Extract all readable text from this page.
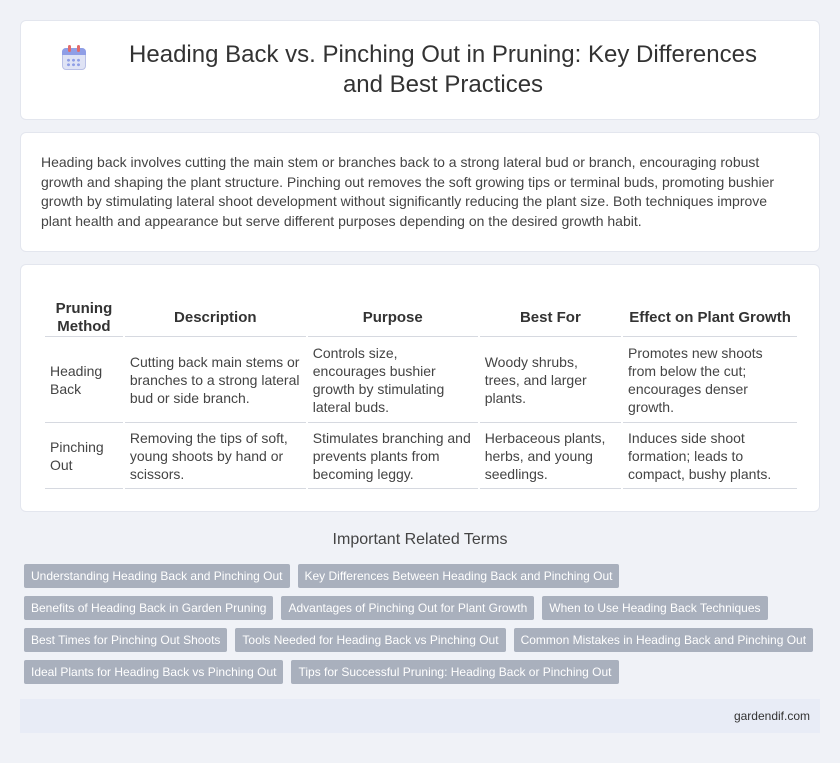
Heading Back vs. Pinching Out in Pruning: Key Differences and Best Practices

Heading back involves cutting the main stem or branches back to a strong lateral bud or branch, encouraging robust growth and shaping the plant structure. Pinching out removes the soft growing tips or terminal buds, promoting bushier growth by stimulating lateral shoot development without significantly reducing the plant size. Both techniques improve plant health and appearance but serve different purposes depending on the desired growth habit.

Pruning Method	Description	Purpose	Best For	Effect on Plant Growth
Heading Back	Cutting back main stems or branches to a strong lateral bud or side branch.	Controls size, encourages bushier growth by stimulating lateral buds.	Woody shrubs, trees, and larger plants.	Promotes new shoots from below the cut; encourages denser growth.
Pinching Out	Removing the tips of soft, young shoots by hand or scissors.	Stimulates branching and prevents plants from becoming leggy.	Herbaceous plants, herbs, and young seedlings.	Induces side shoot formation; leads to compact, bushy plants.
Important Related Terms
Understanding Heading Back and Pinching Out	Key Differences Between Heading Back and Pinching Out
Benefits of Heading Back in Garden Pruning	Advantages of Pinching Out for Plant Growth	When to Use Heading Back Techniques
Best Times for Pinching Out Shoots	Tools Needed for Heading Back vs Pinching Out	Common Mistakes in Heading Back and Pinching Out
Ideal Plants for Heading Back vs Pinching Out	Tips for Successful Pruning: Heading Back or Pinching Out
gardendif.com
